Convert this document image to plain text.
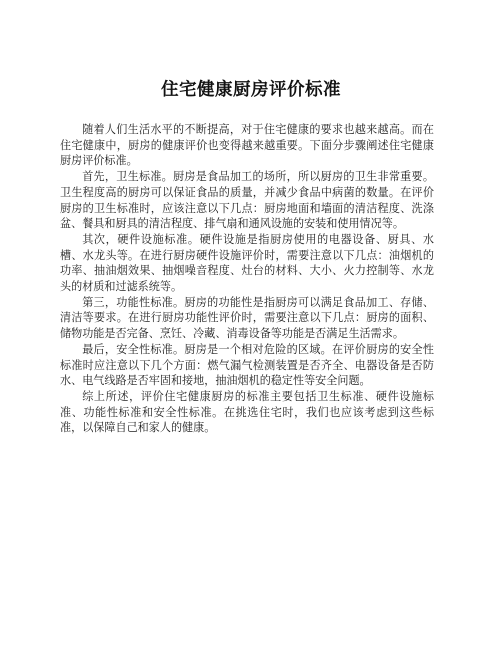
住宅健康厨房评价标准

随着人们生活水平的不断提高，对于住宅健康的要求也越来越高。而在住宅健康中，厨房的健康评价也变得越来越重要。下面分步骤阐述住宅健康厨房评价标准。

首先，卫生标准。厨房是食品加工的场所，所以厨房的卫生非常重要。卫生程度高的厨房可以保证食品的质量，并减少食品中病菌的数量。在评价厨房的卫生标准时，应该注意以下几点：厨房地面和墙面的清洁程度、洗涤盆、餐具和厨具的清洁程度、排气扇和通风设施的安装和使用情况等。

其次，硬件设施标准。硬件设施是指厨房使用的电器设备、厨具、水槽、水龙头等。在进行厨房硬件设施评价时，需要注意以下几点：油烟机的功率、抽油烟效果、抽烟噪音程度、灶台的材料、大小、火力控制等、水龙头的材质和过滤系统等。

第三，功能性标准。厨房的功能性是指厨房可以满足食品加工、存储、清洁等要求。在进行厨房功能性评价时，需要注意以下几点：厨房的面积、储物功能是否完备、烹饪、冷藏、消毒设备等功能是否满足生活需求。

最后，安全性标准。厨房是一个相对危险的区域。在评价厨房的安全性标准时应注意以下几个方面：燃气漏气检测装置是否齐全、电器设备是否防水、电气线路是否牢固和接地，抽油烟机的稳定性等安全问题。

综上所述，评价住宅健康厨房的标准主要包括卫生标准、硬件设施标准、功能性标准和安全性标准。在挑选住宅时，我们也应该考虑到这些标准，以保障自己和家人的健康。
